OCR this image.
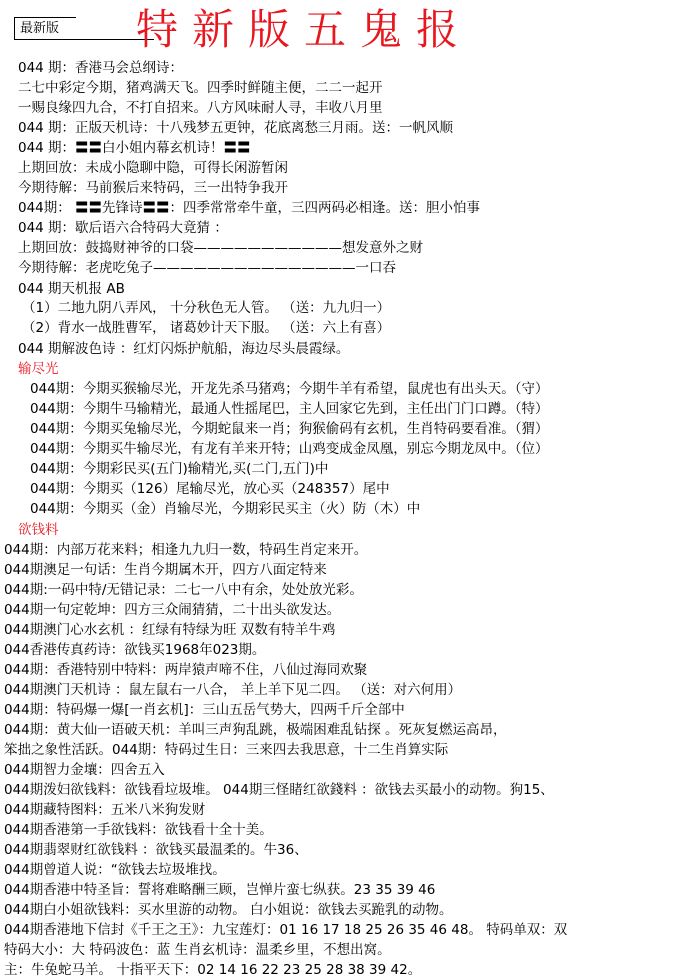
最新版	特新版五鬼报
044 期：香港马会总纲诗：
二七中彩定今期，猪鸡满天飞。四季时鲜随主便，二二一起开
一赐良缘四九合，不打自招来。八方风味耐人寻，丰收八月里
044 期：正版天机诗：十八残梦五更钟，花底离愁三月雨。送：一帆风顺
044 期：〓〓白小姐内幕玄机诗！〓〓
上期回放：未成小隐聊中隐，可得长闲游暂闲
今期待解：马前猴后来特码，三一出特争我开
044期： 〓〓先锋诗〓〓：四季常常牵牛童，三四两码必相逢。送：胆小怕事
044 期：歇后语六合特码大竟猜 ：
上期回放：鼓捣财神爷的口袋———————————想发意外之财
今期待解：老虎吃兔子———————————————一口吞
044 期天机报 AB
（1）二地九阴八弄风， 十分秋色无人管。 （送：九九归一）
（2）背水一战胜曹军， 诸葛妙计天下服。 （送：六上有喜）
044 期解波色诗 ：红灯闪烁护航船，海边尽头晨霞绿。
输尽光
044期：今期买猴输尽光，开龙先杀马猪鸡；今期牛羊有希望，鼠虎也有出头天。（守）
044期：今期牛马输精光，最通人性摇尾巴，主人回家它先到，主任出门门口蹲。（特）
044期：今期买兔输尽光，今期蛇鼠来一肖；狗猴偷码有玄机，生肖特码要看准。（猬）
044期：今期买牛输尽光，有龙有羊来开特；山鸡变成金凤凰，别忘今期龙凤中。（位）
044期：今期彩民买(五门)输精光,买(二门,五门)中
044期：今期买（126）尾输尽光，放心买（248357）尾中
044期：今期买（金）肖输尽光，今期彩民买主（火）防（木）中
欲钱料
044期：内部万花来料；相逢九九归一数，特码生肖定来开。
044期澳足一句话：生肖今期属木开，四方八面定特来
044期:一码中特/无错记录：二七一八中有余，处处放光彩。
044期一句定乾坤：四方三众闹猜猜，二十出头欲发达。
044期澳门心水玄机 ：红绿有特绿为旺 双数有特羊牛鸡
044香港传真药诗：欲钱买1968年023期。
044期：香港特别中特料：两岸猿声啼不住，八仙过海同欢聚
044期澳门天机诗 ：鼠左鼠右一八合， 羊上羊下见二四。 （送：对六何用）
044期：特码爆一爆[一肖玄机]：三山五岳气势大，四两千斤全部中
044期：黄大仙一语破天机：羊叫三声狗乱跳，极端困难乱钻探 。死灰复燃运高昂，
笨拙之象性活跃。044期：特码过生日：三来四去我思意，十二生肖算实际
044期智力金壤：四舍五入
044期泼妇欲钱料：欲钱看垃圾堆。 044期三怪睹红欲錢料 ：欲钱去买最小的动物。狗15、
044期藏特图料：五米八米狗发财
044期香港第一手欲钱料：欲钱看十全十美。
044期翡翠财红欲钱料 ：欲钱买最温柔的。牛36、
044期曾道人说：“欲钱去垃圾堆找。
044期香港中特圣旨：誓将难略酬三顾，岂惮片蛮七纵获。23 35 39 46
044期白小姐欲钱料：买水里游的动物。 白小姐说：欲钱去买跪乳的动物。
044期香港地下信封《千王之王》：九宝莲灯：01 16 17 18 25 26 35 46 48。 特码单双：双
特码大小：大 特码波色：蓝 生肖玄机诗：温柔乡里，不想出窝。
主：牛兔蛇马羊。 十指平天下：02 14 16 22 23 25 28 38 39 42。
